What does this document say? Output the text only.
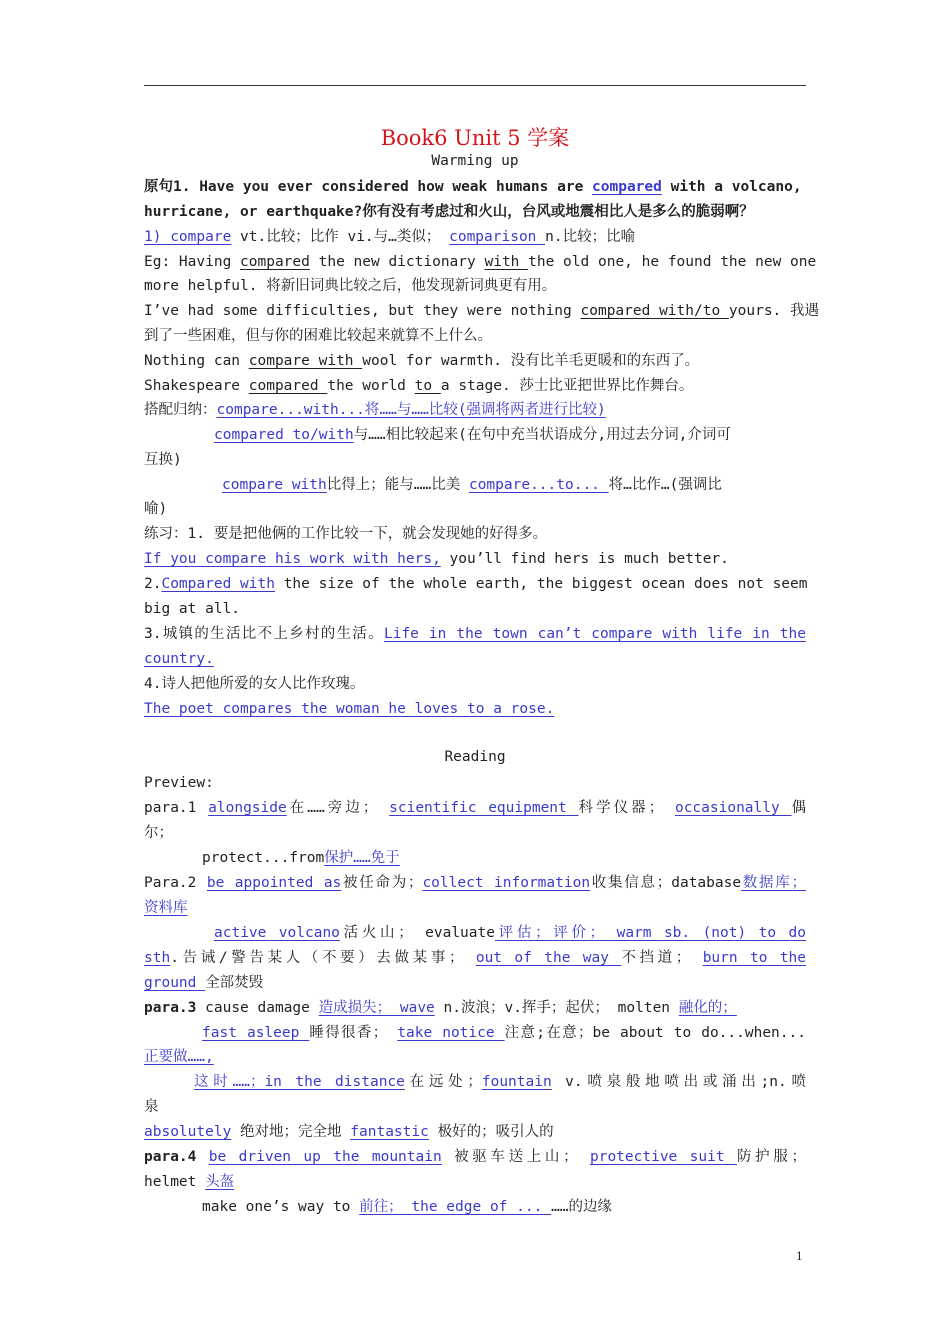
Book6 Unit 5 学案
Warming up
原句1. Have you ever considered how weak humans are compared with a volcano,
hurricane, or earthquake?你有没有考虑过和火山，台风或地震相比人是多么的脆弱啊？
1) compare vt.比较；比作 vi.与…类似； comparison n.比较；比喻
Eg: Having compared the new dictionary with the old one, he found the new one
more helpful. 将新旧词典比较之后，他发现新词典更有用。
I’ve had some difficulties, but they were nothing compared with/to yours. 我遇
到了一些困难，但与你的困难比较起来就算不上什么。
Nothing can compare with wool for warmth. 没有比羊毛更暖和的东西了。
Shakespeare compared the world to a stage. 莎士比亚把世界比作舞台。
搭配归纳：compare...with...将……与……比较(强调将两者进行比较)
compared to/with与……相比较起来(在句中充当状语成分,用过去分词,介词可
互换)
compare with比得上；能与……比美 compare...to... 将…比作…(强调比
喻)
练习：1. 要是把他俩的工作比较一下，就会发现她的好得多。
If you compare his work with hers, you’ll find hers is much better.
2.Compared with the size of the whole earth, the biggest ocean does not seem
big at all.
3.城镇的生活比不上乡村的生活。Life in the town can’t compare with life in the
country.
4.诗人把他所爱的女人比作玫瑰。
The poet compares the woman he loves to a rose.
Reading
Preview:
para.1 alongside在……旁边； scientific equipment 科学仪器； occasionally 偶
尔；
protect...from保护……免于
Para.2 be appointed as被任命为；collect information收集信息；database数据库；
资料库
active volcano活火山； evaluate评估；评价； warm sb. (not) to do
sth.告诫/警告某人（不要）去做某事； out of the way 不挡道； burn to the
ground 全部焚毁
para.3 cause damage 造成损失； wave n.波浪；v.挥手；起伏； molten 融化的；
fast asleep 睡得很香； take notice 注意;在意；be about to do...when...
正要做……,
这时……；in the distance在远处；fountain v.喷泉般地喷出或涌出;n.喷
泉
absolutely 绝对地；完全地 fantastic 极好的；吸引人的
para.4 be driven up the mountain 被驱车送上山； protective suit 防护服；
helmet 头盔
make one’s way to 前往； the edge of ... ……的边缘
1
